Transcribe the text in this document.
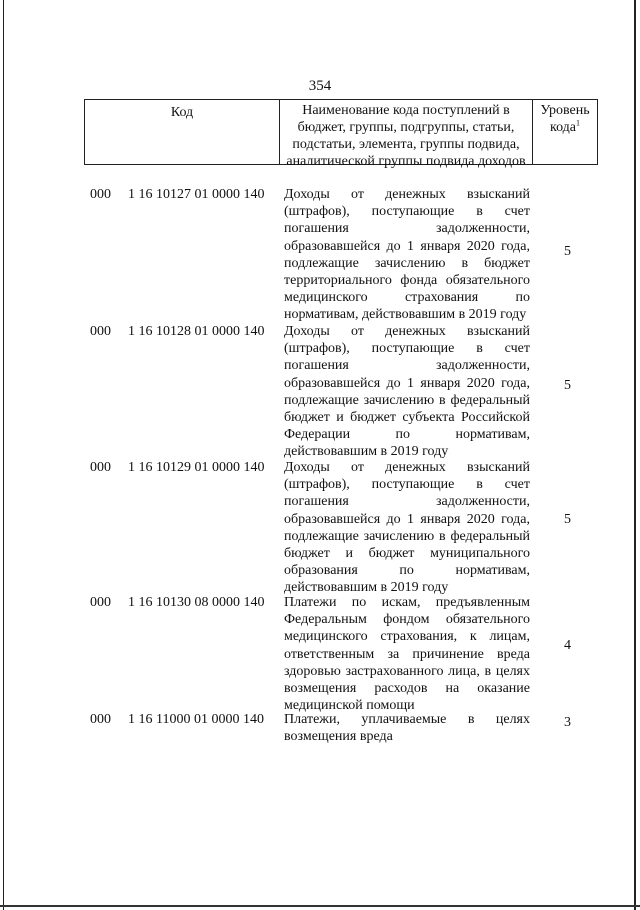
354
Код	Наименование кода поступлений в бюджет, группы, подгруппы, статьи, подстатьи, элемента, группы подвида, аналитической группы подвида доходов
Уровень кода$^1$
000 1 16 10127 01 0000 140 Доходы от денежных взысканий (штрафов), поступающие в счет погашения задолженности, образовавшейся до 1 января 2020 года, подлежащие зачислению в бюджет территориального фонда обязательного медицинского страхования по нормативам, действовавшим в 2019 году
5
000 1 16 10128 01 0000 140 Доходы от денежных взысканий (штрафов), поступающие в счет погашения задолженности, образовавшейся до 1 января 2020 года, подлежащие зачислению в федеральный бюджет и бюджет субъекта Российской Федерации по нормативам, действовавшим в 2019 году
5
000 1 16 10129 01 0000 140 Доходы от денежных взысканий (штрафов), поступающие в счет погашения задолженности, образовавшейся до 1 января 2020 года, подлежащие зачислению в федеральный бюджет и бюджет муниципального образования по нормативам, действовавшим в 2019 году
5
000 1 16 10130 08 0000 140 Платежи по искам, предъявленным Федеральным фондом обязательного медицинского страхования, к лицам, ответственным за причинение вреда здоровью застрахованного лица, в целях возмещения расходов на оказание медицинской помощи
4
000 1 16 11000 01 0000 140 Платежи, уплачиваемые в целях возмещения вреда
3
